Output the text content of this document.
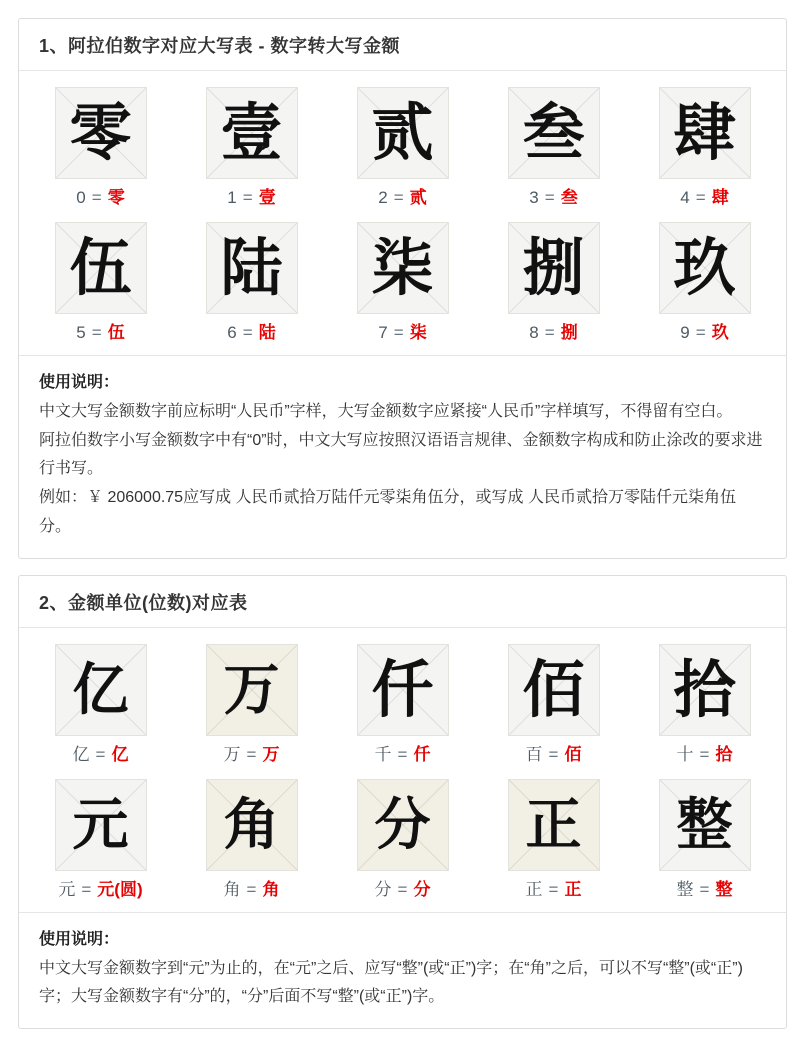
1、阿拉伯数字对应大写表 - 数字转大写金额
零
0 = 零
壹
1 = 壹
贰
2 = 贰
叁
3 = 叁
肆
4 = 肆
伍
5 = 伍
陆
6 = 陆
柒
7 = 柒
捌
8 = 捌
玖
9 = 玖
使用说明：
中文大写金额数字前应标明“人民币”字样，大写金额数字应紧接“人民币”字样填写，不得留有空白。
阿拉伯数字小写金额数字中有“0”时，中文大写应按照汉语语言规律、金额数字构成和防止涂改的要求进行书写。
例如：￥ 206000.75应写成 人民币贰拾万陆仟元零柒角伍分，或写成 人民币贰拾万零陆仟元柒角伍分。
2、金额单位(位数)对应表
亿
亿 = 亿
万
万 = 万
仟
千 = 仟
佰
百 = 佰
拾
十 = 拾
元
元 = 元(圆)
角
角 = 角
分
分 = 分
正
正 = 正
整
整 = 整
使用说明：
中文大写金额数字到“元”为止的，在“元”之后、应写“整”(或“正”)字；在“角”之后，可以不写“整”(或“正”)字；大写金额数字有“分”的，“分”后面不写“整”(或“正”)字。
